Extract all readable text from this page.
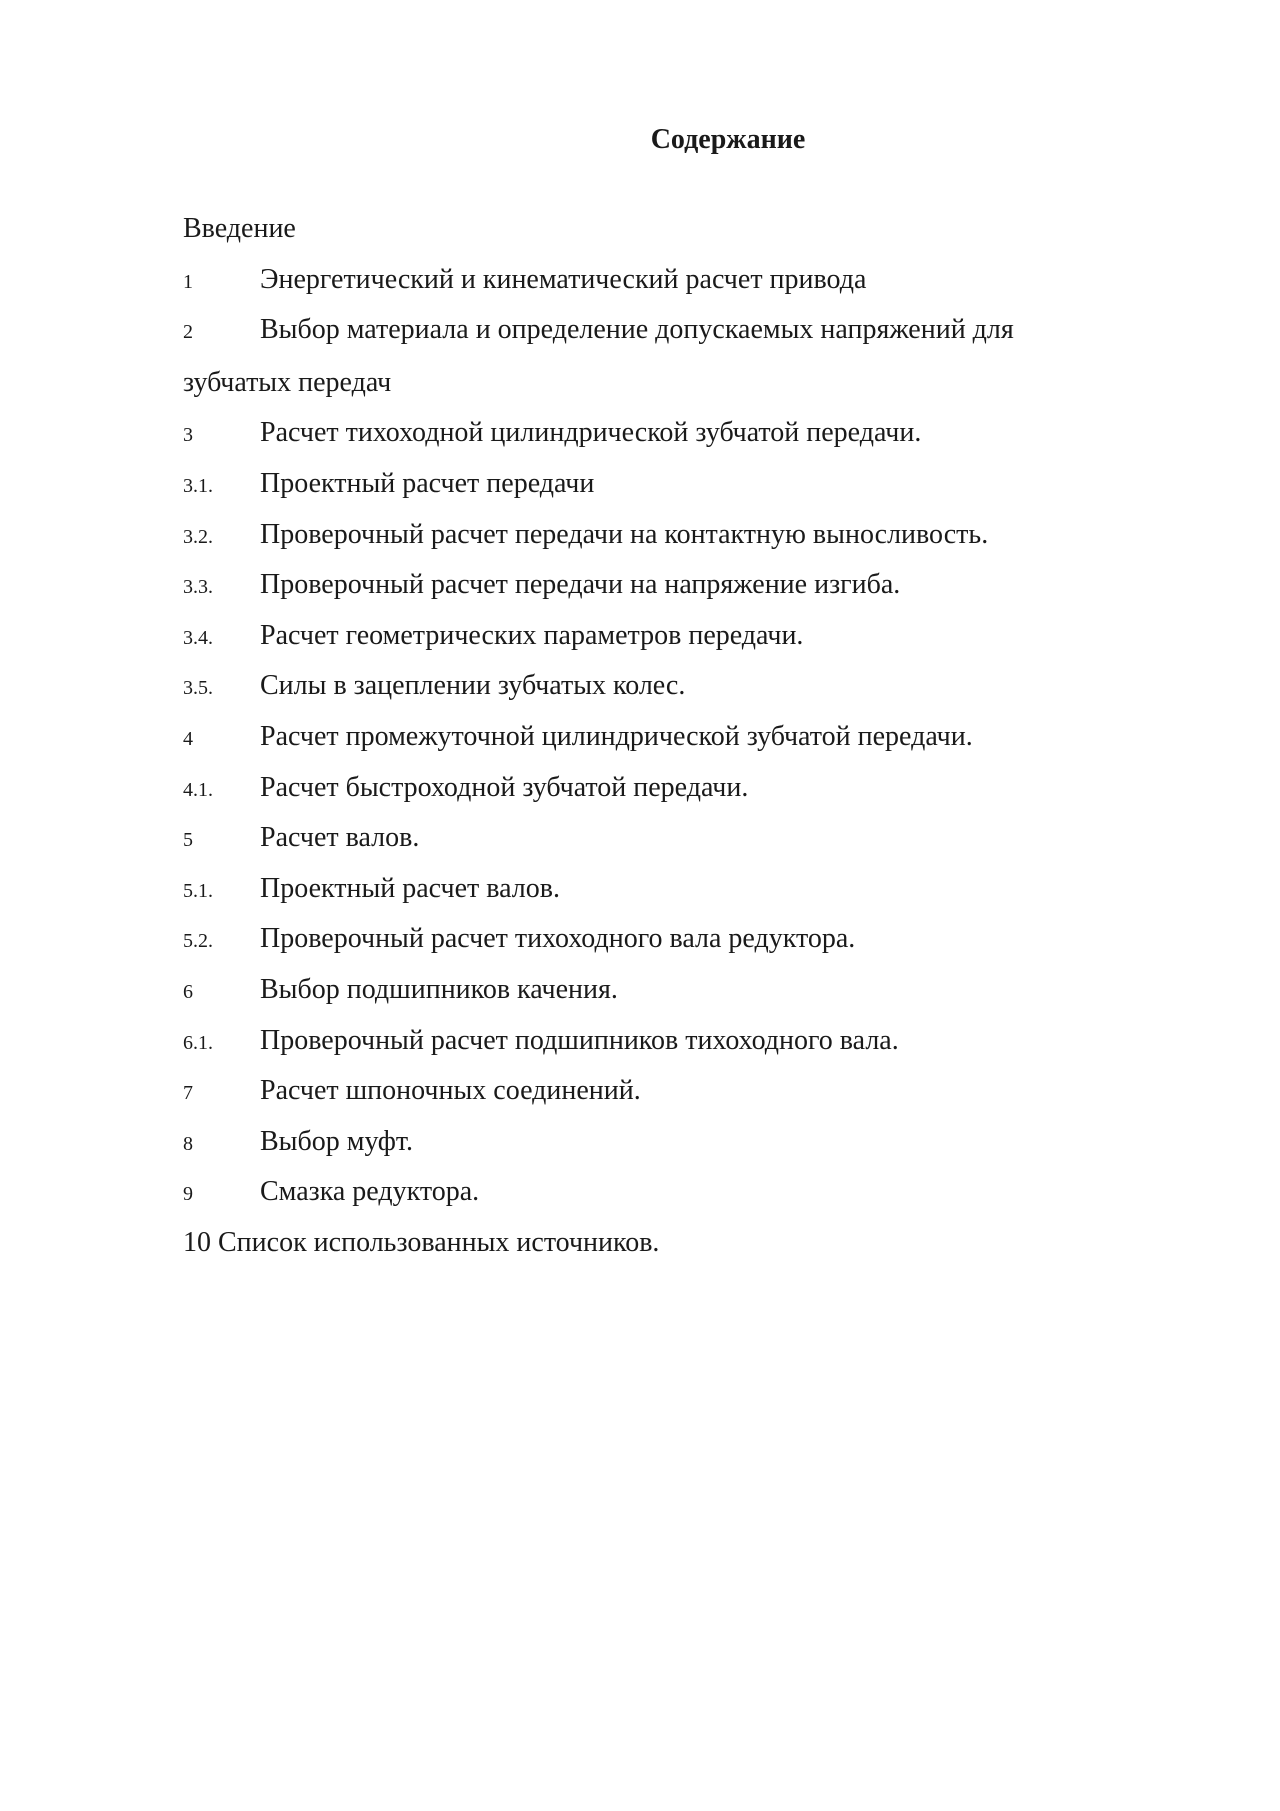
Содержание
Введение
1 Энергетический и кинематический расчет привода
2 Выбор материала и определение допускаемых напряжений для
зубчатых передач
3 Расчет тихоходной цилиндрической зубчатой передачи.
3.1. Проектный расчет передачи
3.2. Проверочный расчет передачи на контактную выносливость.
3.3. Проверочный расчет передачи на напряжение изгиба.
3.4. Расчет геометрических параметров передачи.
3.5. Силы в зацеплении зубчатых колес.
4 Расчет промежуточной цилиндрической зубчатой передачи.
4.1. Расчет быстроходной зубчатой передачи.
5 Расчет валов.
5.1. Проектный расчет валов.
5.2. Проверочный расчет тихоходного вала редуктора.
6 Выбор подшипников качения.
6.1. Проверочный расчет подшипников тихоходного вала.
7 Расчет шпоночных соединений.
8 Выбор муфт.
9 Смазка редуктора.
10 Список использованных источников.
